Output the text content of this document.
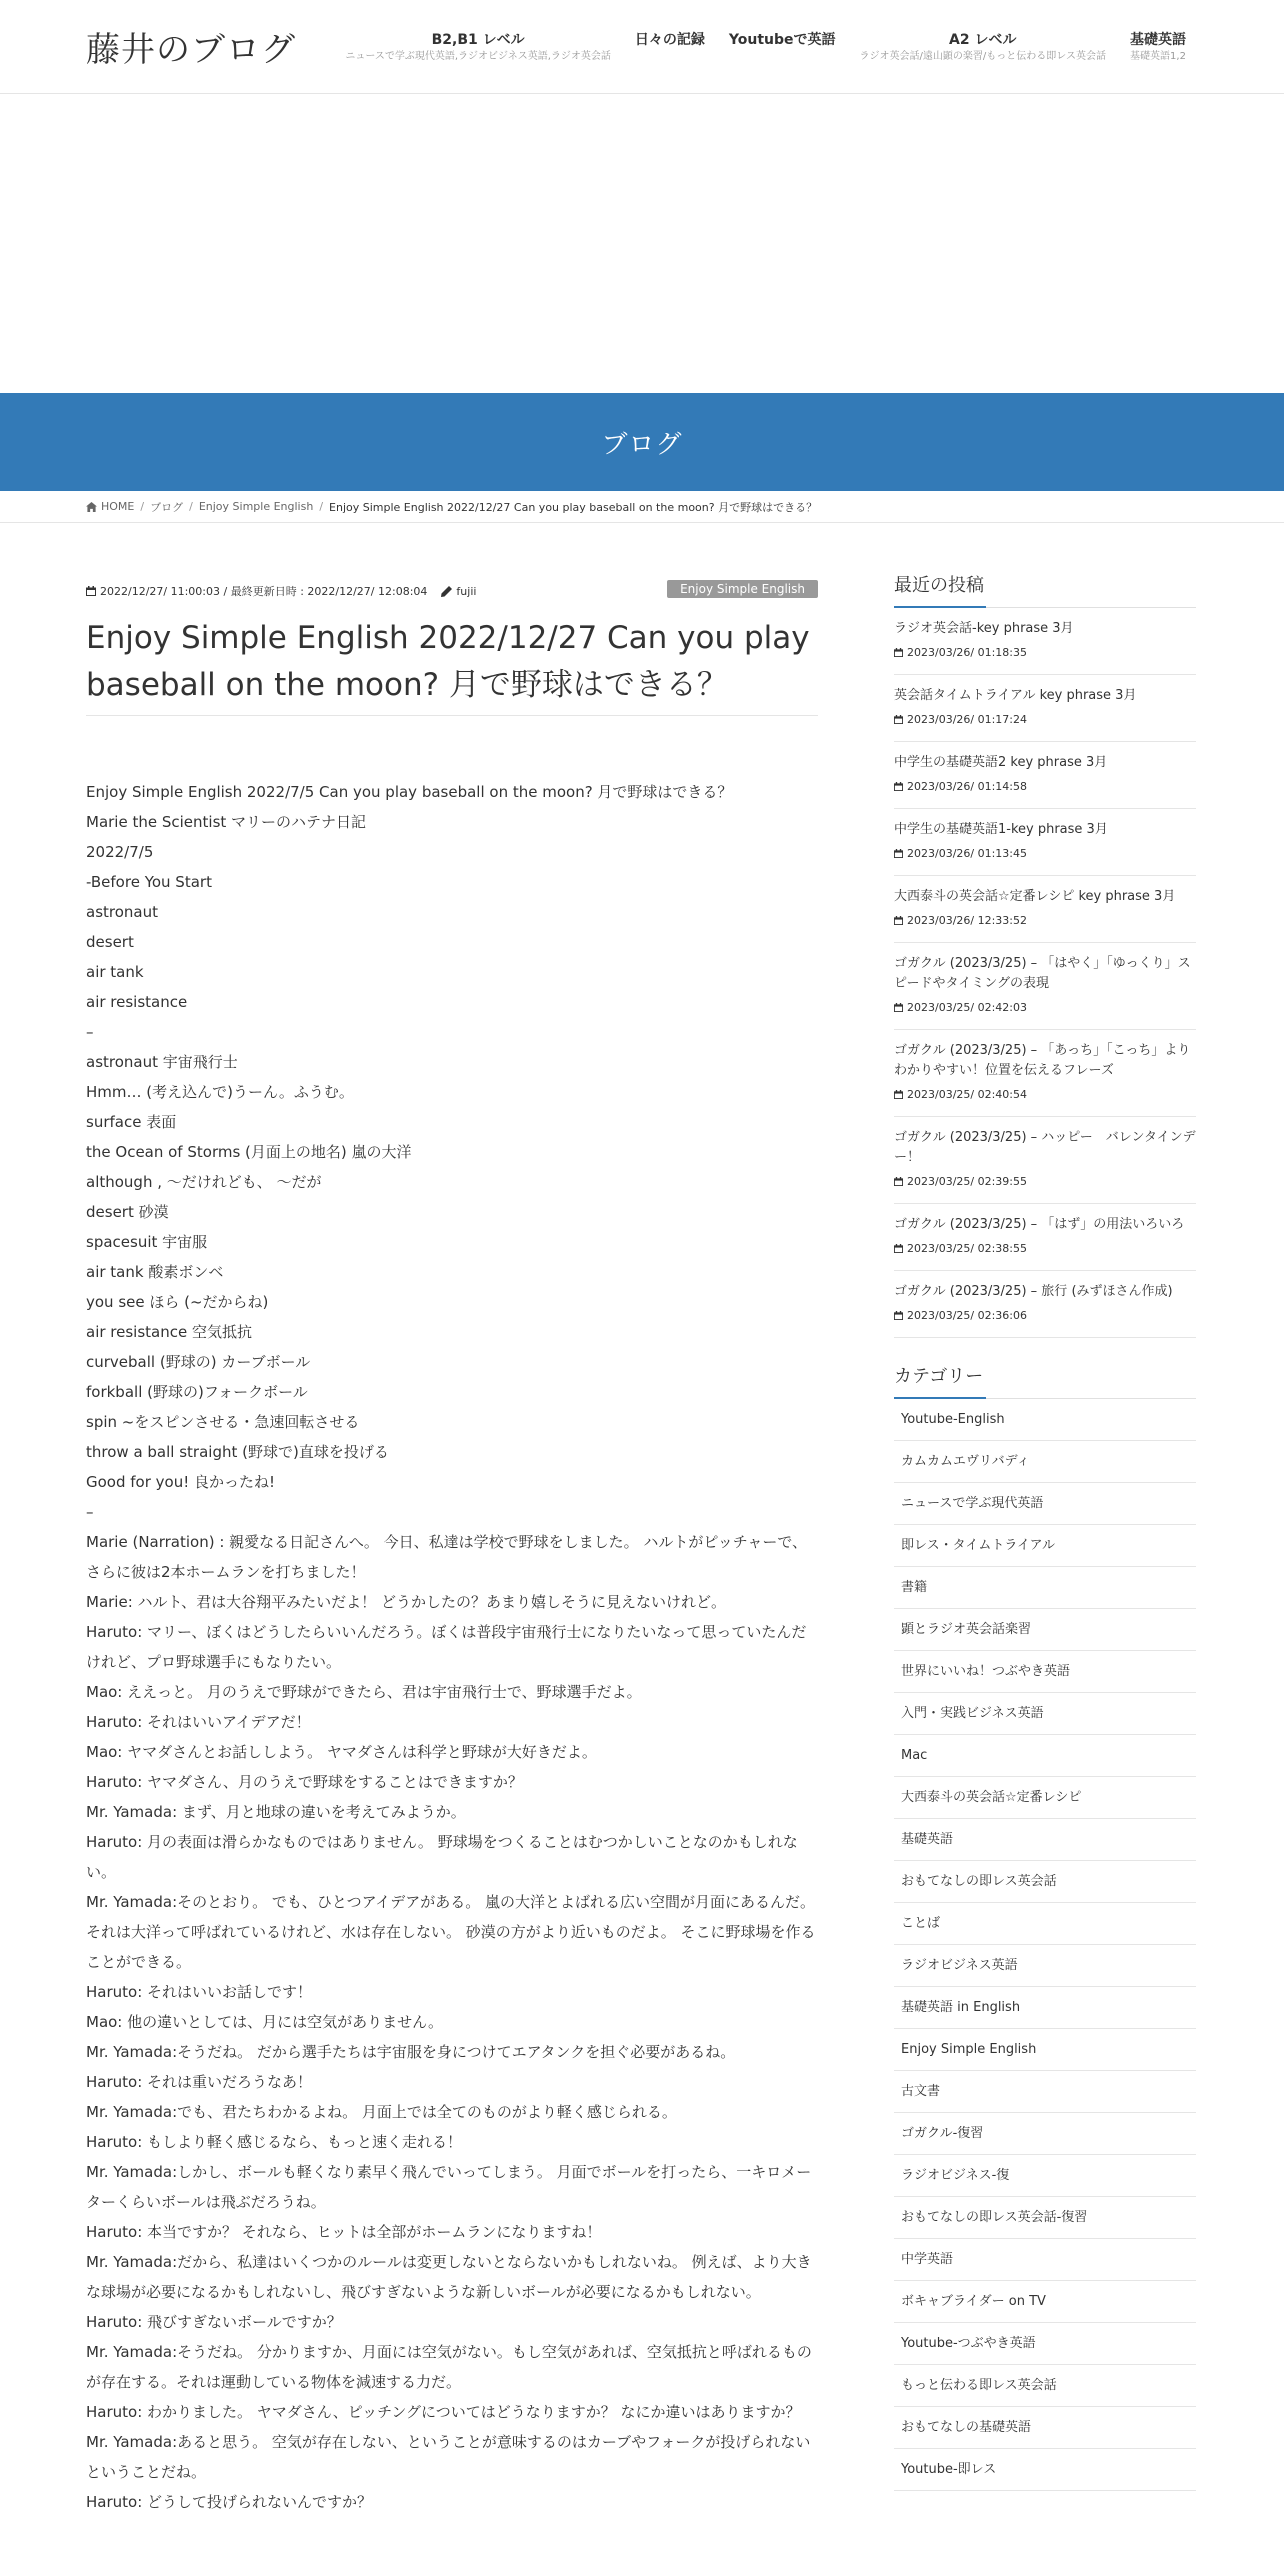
藤井のブログ	B2,B1 レベル
ニュースで学ぶ現代英語,ラジオビジネス英語,ラジオ英会話
日々の記録 Youtubeで英語	A2 レベル
ラジオ英会話/遠山顕の楽習/もっと伝わる即レス英会話
基礎英語
基礎英語1,2
ブログ
HOME / ブログ / Enjoy Simple English / Enjoy Simple English 2022/12/27 Can you play baseball on the moon? 月で野球はできる？
2022/12/27/ 11:00:03 / 最終更新日時 : 2022/12/27/ 12:08:04	fujii	Enjoy Simple English
Enjoy Simple English 2022/12/27 Can you play baseball on the moon? 月で野球はできる？

Enjoy Simple English 2022/7/5 Can you play baseball on the moon? 月で野球はできる？

Marie the Scientist マリーのハテナ日記

2022/7/5

-Before You Start

astronaut

desert

air tank

air resistance

–

astronaut 宇宙飛行士

Hmm… (考え込んで)うーん。ふうむ。

surface 表面

the Ocean of Storms (月面上の地名) 嵐の大洋

although , ～だけれども、 ～だが

desert 砂漠

spacesuit 宇宙服

air tank 酸素ボンベ

you see ほら (~だからね)

air resistance 空気抵抗

curveball (野球の) カーブボール

forkball (野球の)フォークボール

spin ~をスピンさせる・急速回転させる

throw a ball straight (野球で)直球を投げる

Good for you! 良かったね!

–

Marie (Narration) : 親愛なる日記さんへ。 今日、私達は学校で野球をしました。 ハルトがピッチャーで、さらに彼は2本ホームランを打ちました！

Marie: ハルト、君は大谷翔平みたいだよ！ どうかしたの？あまり嬉しそうに見えないけれど。

Haruto: マリー、ぼくはどうしたらいいんだろう。ぼくは普段宇宙飛行士になりたいなって思っていたんだけれど、プロ野球選手にもなりたい。

Mao: ええっと。 月のうえで野球ができたら、君は宇宙飛行士で、野球選手だよ。

Haruto: それはいいアイデアだ！

Mao: ヤマダさんとお話ししよう。 ヤマダさんは科学と野球が大好きだよ。

Haruto: ヤマダさん、月のうえで野球をすることはできますか？

Mr. Yamada: まず、月と地球の違いを考えてみようか。

Haruto: 月の表面は滑らかなものではありません。 野球場をつくることはむつかしいことなのかもしれない。

Mr. Yamada:そのとおり。 でも、ひとつアイデアがある。 嵐の大洋とよばれる広い空間が月面にあるんだ。それは大洋って呼ばれているけれど、水は存在しない。 砂漠の方がより近いものだよ。 そこに野球場を作ることができる。

Haruto: それはいいお話しです！

Mao: 他の違いとしては、月には空気がありません。

Mr. Yamada:そうだね。 だから選手たちは宇宙服を身につけてエアタンクを担ぐ必要があるね。

Haruto: それは重いだろうなあ！

Mr. Yamada:でも、君たちわかるよね。 月面上では全てのものがより軽く感じられる。

Haruto: もしより軽く感じるなら、もっと速く走れる！

Mr. Yamada:しかし、ボールも軽くなり素早く飛んでいってしまう。 月面でボールを打ったら、一キロメーターくらいボールは飛ぶだろうね。

Haruto: 本当ですか？ それなら、ヒットは全部がホームランになりますね！

Mr. Yamada:だから、私達はいくつかのルールは変更しないとならないかもしれないね。 例えば、より大きな球場が必要になるかもしれないし、飛びすぎないような新しいボールが必要になるかもしれない。

Haruto: 飛びすぎないボールですか？

Mr. Yamada:そうだね。 分かりますか、月面には空気がない。もし空気があれば、空気抵抗と呼ばれるものが存在する。それは運動している物体を減速する力だ。

Haruto: わかりました。 ヤマダさん、ピッチングについてはどうなりますか？ なにか違いはありますか？

Mr. Yamada:あると思う。 空気が存在しない、ということが意味するのはカーブやフォークが投げられないということだね。

Haruto: どうして投げられないんですか？

最近の投稿
ラジオ英会話-key phrase 3月
2023/03/26/ 01:18:35
英会話タイムトライアル key phrase 3月
2023/03/26/ 01:17:24
中学生の基礎英語2 key phrase 3月
2023/03/26/ 01:14:58
中学生の基礎英語1-key phrase 3月
2023/03/26/ 01:13:45
大西泰斗の英会話☆定番レシピ key phrase 3月
2023/03/26/ 12:33:52
ゴガクル (2023/3/25) – 「はやく」「ゆっくり」スピードやタイミングの表現
2023/03/25/ 02:42:03
ゴガクル (2023/3/25) – 「あっち」「こっち」よりわかりやすい！位置を伝えるフレーズ
2023/03/25/ 02:40:54
ゴガクル (2023/3/25) – ハッピー　バレンタインデー！
2023/03/25/ 02:39:55
ゴガクル (2023/3/25) – 「はず」の用法いろいろ
2023/03/25/ 02:38:55
ゴガクル (2023/3/25) – 旅行 (みずほさん作成)
2023/03/25/ 02:36:06
カテゴリー
Youtube-English
カムカムエヴリバディ
ニュースで学ぶ現代英語
即レス・タイムトライアル
書籍
顕とラジオ英会話楽習
世界にいいね！つぶやき英語
入門・実践ビジネス英語
Mac
大西泰斗の英会話☆定番レシピ
基礎英語
おもてなしの即レス英会話
ことば
ラジオビジネス英語
基礎英語 in English
Enjoy Simple English
古文書
ゴガクル-復習
ラジオビジネス-復
おもてなしの即レス英会話-復習
中学英語
ボキャブライダー on TV
Youtube-つぶやき英語
もっと伝わる即レス英会話
おもてなしの基礎英語
Youtube-即レス
